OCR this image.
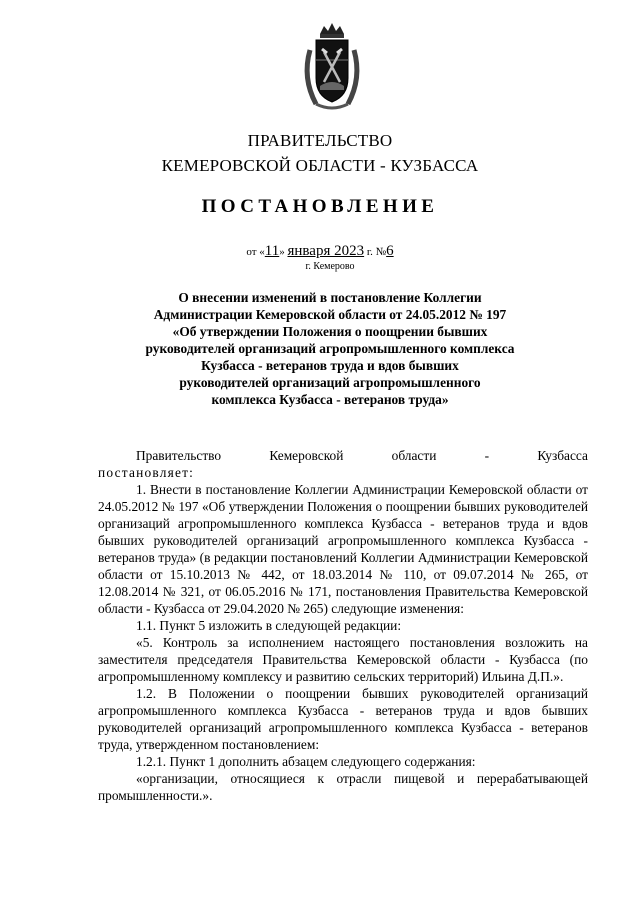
ПРАВИТЕЛЬСТВО
КЕМЕРОВСКОЙ ОБЛАСТИ - КУЗБАССА
ПОСТАНОВЛЕНИЕ
от «11» января 2023 г. №6
г. Кемерово
О внесении изменений в постановление Коллегии
Администрации Кемеровской области от 24.05.2012 № 197
«Об утверждении Положения о поощрении бывших
руководителей организаций агропромышленного комплекса
Кузбасса - ветеранов труда и вдов бывших
руководителей организаций агропромышленного
комплекса Кузбасса - ветеранов труда»
Правительство	Кемеровской	области	-	Кузбасса

постановляет:

1. Внести в постановление Коллегии Администрации Кемеровской области от 24.05.2012 № 197 «Об утверждении Положения о поощрении бывших руководителей организаций агропромышленного комплекса Кузбасса - ветеранов труда и вдов бывших руководителей организаций агропромышленного комплекса Кузбасса - ветеранов труда» (в редакции постановлений Коллегии Администрации Кемеровской области от 15.10.2013 № 442, от 18.03.2014 № 110, от 09.07.2014 № 265, от 12.08.2014 № 321, от 06.05.2016 № 171, постановления Правительства Кемеровской области - Кузбасса от 29.04.2020 № 265) следующие изменения:

1.1. Пункт 5 изложить в следующей редакции:

«5. Контроль за исполнением настоящего постановления возложить на заместителя председателя Правительства Кемеровской области - Кузбасса (по агропромышленному комплексу и развитию сельских территорий) Ильина Д.П.».

1.2. В Положении о поощрении бывших руководителей организаций агропромышленного комплекса Кузбасса - ветеранов труда и вдов бывших руководителей организаций агропромышленного комплекса Кузбасса - ветеранов труда, утвержденном постановлением:

1.2.1. Пункт 1 дополнить абзацем следующего содержания:

«организации, относящиеся к отрасли пищевой и перерабатывающей промышленности.».
